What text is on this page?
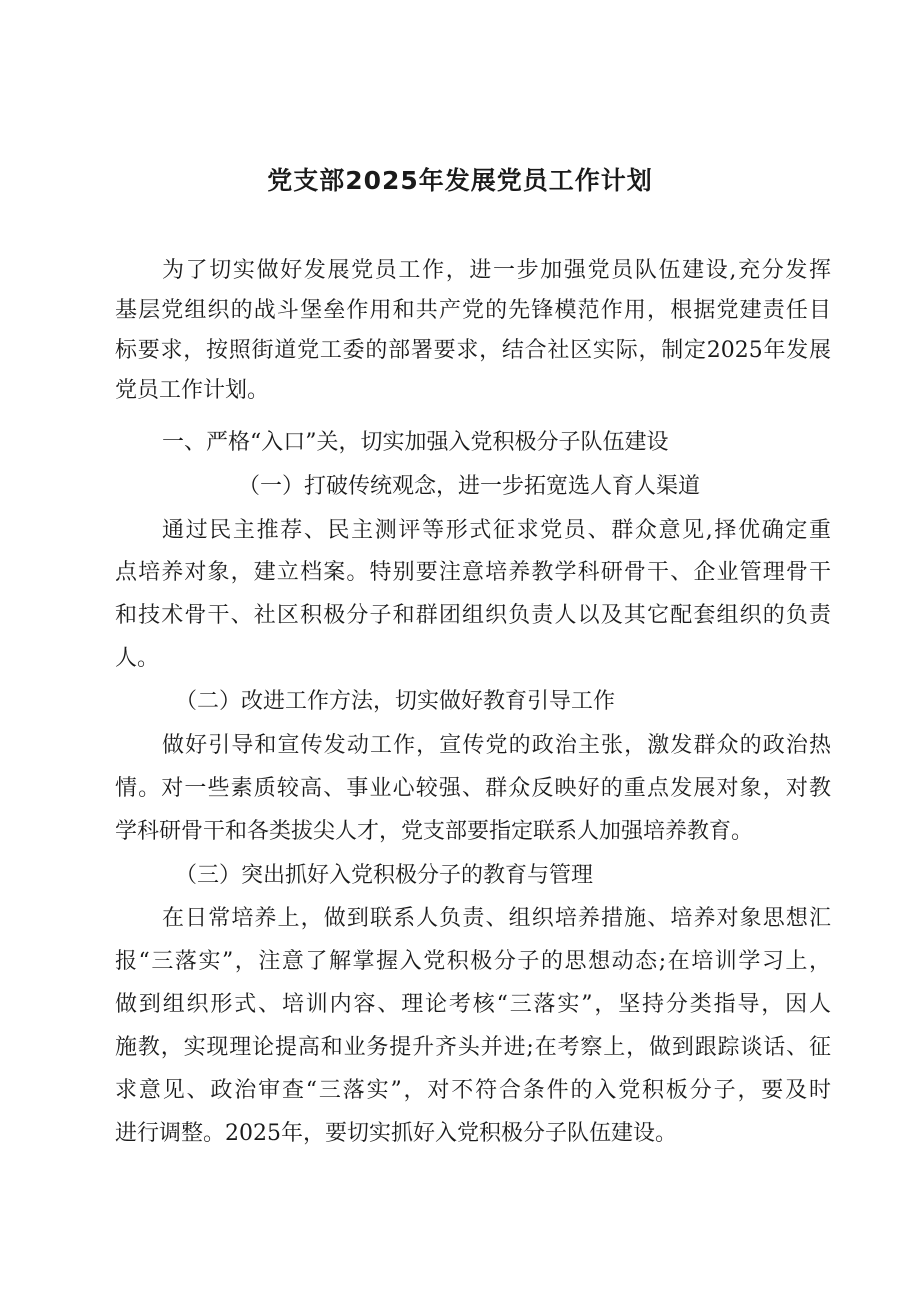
党支部2025年发展党员工作计划

为了切实做好发展党员工作，进一步加强党员队伍建设,充分发挥

基层党组织的战斗堡垒作用和共产党的先锋模范作用，根据党建责任目

标要求，按照街道党工委的部署要求，结合社区实际，制定2025年发展

党员工作计划。

一、严格“入口”关，切实加强入党积极分子队伍建设

（一）打破传统观念，进一步拓宽选人育人渠道

通过民主推荐、民主测评等形式征求党员、群众意见,择优确定重

点培养对象，建立档案。特别要注意培养教学科研骨干、企业管理骨干

和技术骨干、社区积极分子和群团组织负责人以及其它配套组织的负责

人。

（二）改进工作方法，切实做好教育引导工作

做好引导和宣传发动工作，宣传党的政治主张，激发群众的政治热

情。对一些素质较高、事业心较强、群众反映好的重点发展对象，对教

学科研骨干和各类拔尖人才，党支部要指定联系人加强培养教育。

（三）突出抓好入党积极分子的教育与管理

在日常培养上，做到联系人负责、组织培养措施、培养对象思想汇

报“三落实”，注意了解掌握入党积极分子的思想动态;在培训学习上，

做到组织形式、培训内容、理论考核“三落实”，坚持分类指导，因人

施教，实现理论提高和业务提升齐头并进;在考察上，做到跟踪谈话、征

求意见、政治审查“三落实”，对不符合条件的入党积板分子，要及时

进行调整。2025年，要切实抓好入党积极分子队伍建设。
